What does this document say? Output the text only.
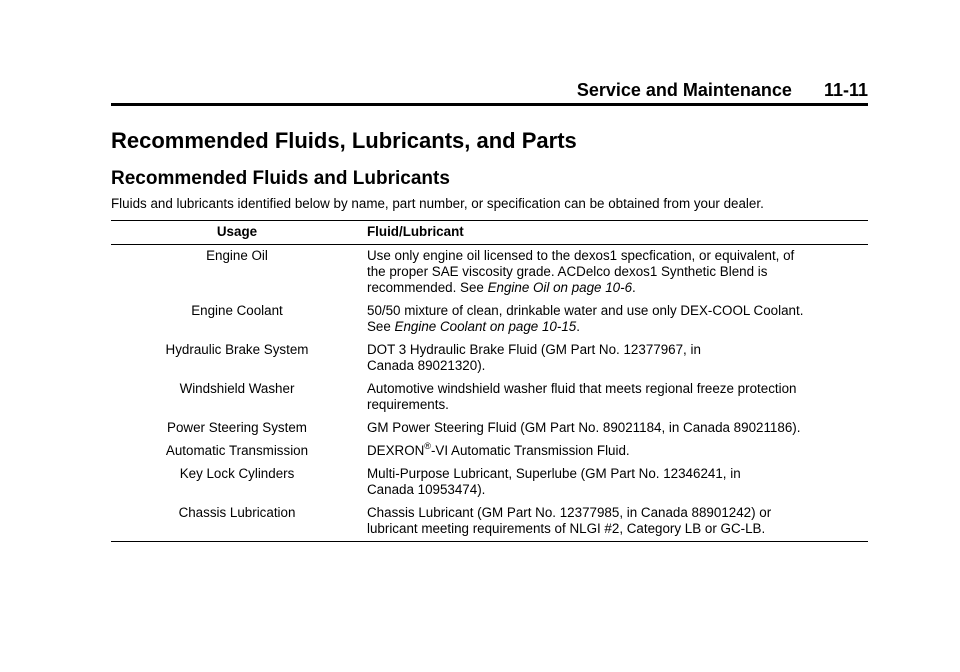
Service and Maintenance 11-11
Recommended Fluids, Lubricants, and Parts
Recommended Fluids and Lubricants

Fluids and lubricants identified below by name, part number, or specification can be obtained from your dealer.

Usage	Fluid/Lubricant
Engine Oil	Use only engine oil licensed to the dexos1 specfication, or equivalent, of
the proper SAE viscosity grade. ACDelco dexos1 Synthetic Blend is
recommended. See Engine Oil on page 10-6.
Engine Coolant	50/50 mixture of clean, drinkable water and use only DEX-COOL Coolant.
See Engine Coolant on page 10-15.
Hydraulic Brake System	DOT 3 Hydraulic Brake Fluid (GM Part No. 12377967, in
Canada 89021320).
Windshield Washer	Automotive windshield washer fluid that meets regional freeze protection
requirements.
Power Steering System	GM Power Steering Fluid (GM Part No. 89021184, in Canada 89021186).
Automatic Transmission	DEXRON®-VI Automatic Transmission Fluid.
Key Lock Cylinders	Multi-Purpose Lubricant, Superlube (GM Part No. 12346241, in
Canada 10953474).
Chassis Lubrication	Chassis Lubricant (GM Part No. 12377985, in Canada 88901242) or
lubricant meeting requirements of NLGI #2, Category LB or GC-LB.
